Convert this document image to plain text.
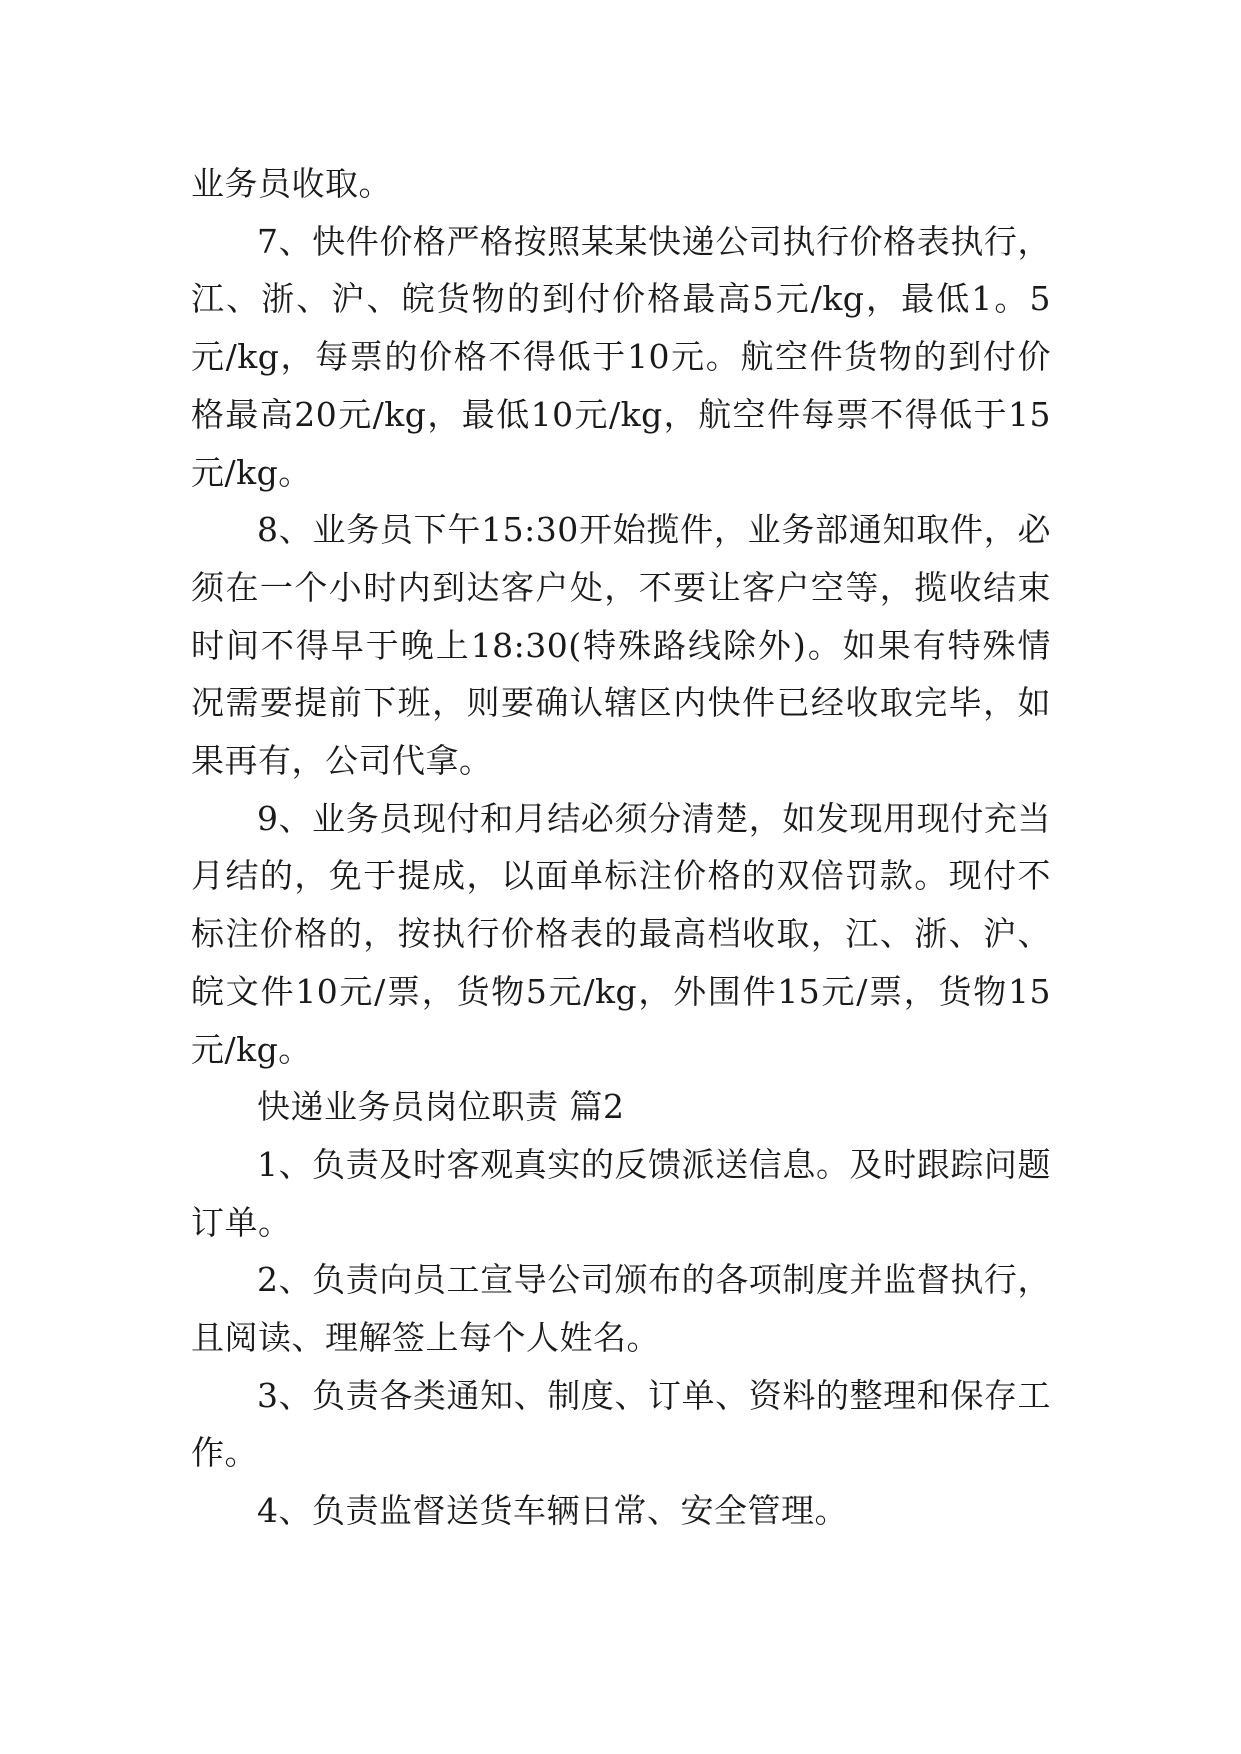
业务员收取。

7、快件价格严格按照某某快递公司执行价格表执行，江、浙、沪、皖货物的到付价格最高5元/kg，最低1。5元/kg，每票的价格不得低于10元。航空件货物的到付价格最高20元/kg，最低10元/kg，航空件每票不得低于15元/kg。

8、业务员下午15:30开始揽件，业务部通知取件，必须在一个小时内到达客户处，不要让客户空等，揽收结束时间不得早于晚上18:30(特殊路线除外)。如果有特殊情况需要提前下班，则要确认辖区内快件已经收取完毕，如果再有，公司代拿。

9、业务员现付和月结必须分清楚，如发现用现付充当月结的，免于提成，以面单标注价格的双倍罚款。现付不标注价格的，按执行价格表的最高档收取，江、浙、沪、皖文件10元/票，货物5元/kg，外围件15元/票，货物15元/kg。

快递业务员岗位职责 篇2

1、负责及时客观真实的反馈派送信息。及时跟踪问题订单。

2、负责向员工宣导公司颁布的各项制度并监督执行，且阅读、理解签上每个人姓名。

3、负责各类通知、制度、订单、资料的整理和保存工作。

4、负责监督送货车辆日常、安全管理。
